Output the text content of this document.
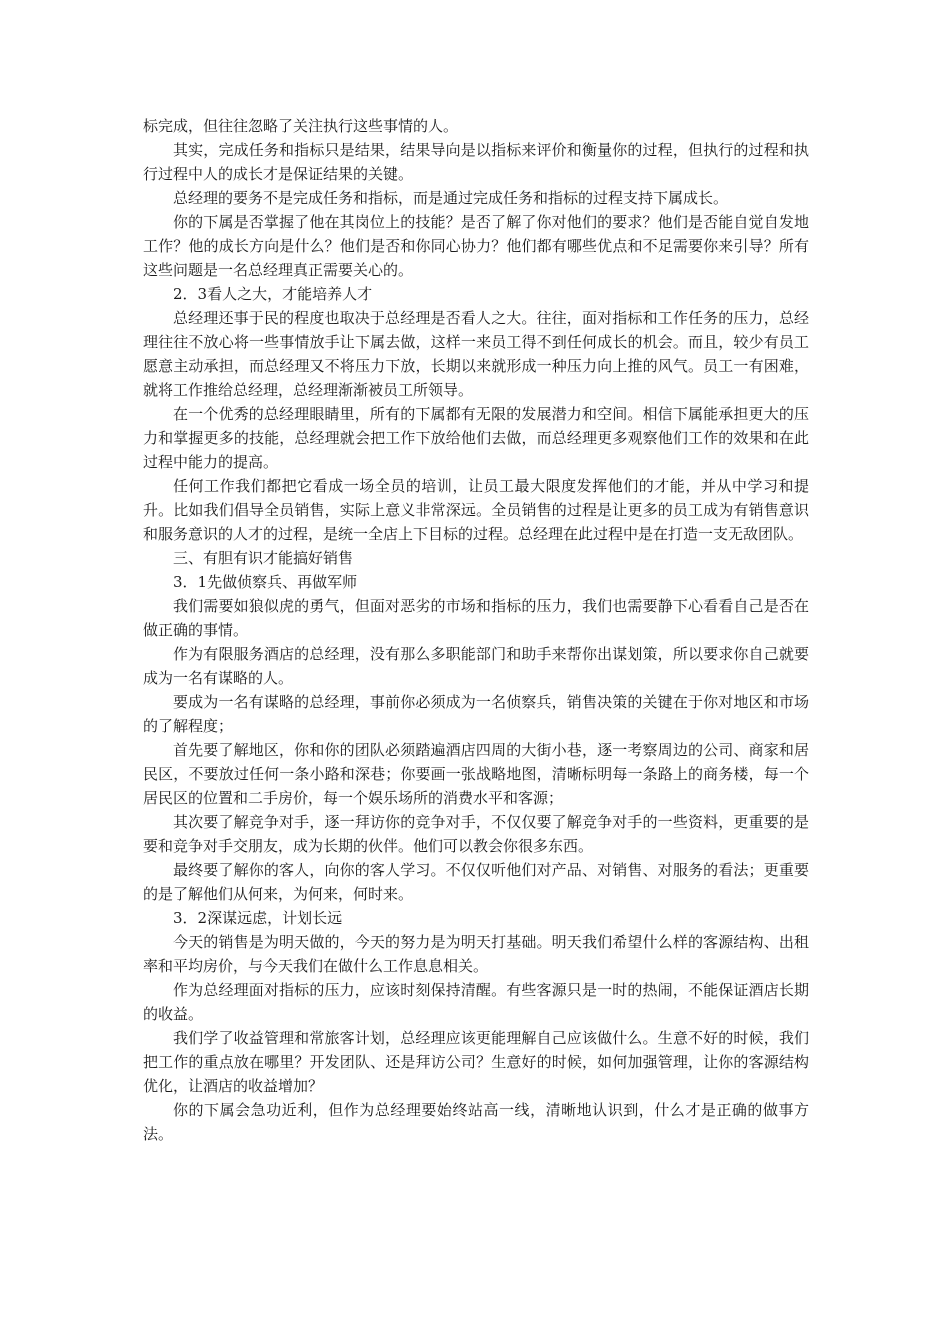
标完成，但往往忽略了关注执行这些事情的人。

其实，完成任务和指标只是结果，结果导向是以指标来评价和衡量你的过程，但执行的过程和执行过程中人的成长才是保证结果的关键。

总经理的要务不是完成任务和指标，而是通过完成任务和指标的过程支持下属成长。

你的下属是否掌握了他在其岗位上的技能？是否了解了你对他们的要求？他们是否能自觉自发地工作？他的成长方向是什么？他们是否和你同心协力？他们都有哪些优点和不足需要你来引导？所有这些问题是一名总经理真正需要关心的。

2．3看人之大，才能培养人才

总经理还事于民的程度也取决于总经理是否看人之大。往往，面对指标和工作任务的压力，总经理往往不放心将一些事情放手让下属去做，这样一来员工得不到任何成长的机会。而且，较少有员工愿意主动承担，而总经理又不将压力下放，长期以来就形成一种压力向上推的风气。员工一有困难，就将工作推给总经理，总经理渐渐被员工所领导。

在一个优秀的总经理眼睛里，所有的下属都有无限的发展潜力和空间。相信下属能承担更大的压力和掌握更多的技能，总经理就会把工作下放给他们去做，而总经理更多观察他们工作的效果和在此过程中能力的提高。

任何工作我们都把它看成一场全员的培训，让员工最大限度发挥他们的才能，并从中学习和提升。比如我们倡导全员销售，实际上意义非常深远。全员销售的过程是让更多的员工成为有销售意识和服务意识的人才的过程，是统一全店上下目标的过程。总经理在此过程中是在打造一支无敌团队。

三、有胆有识才能搞好销售

3．1先做侦察兵、再做军师

我们需要如狼似虎的勇气，但面对恶劣的市场和指标的压力，我们也需要静下心看看自己是否在做正确的事情。

作为有限服务酒店的总经理，没有那么多职能部门和助手来帮你出谋划策，所以要求你自己就要成为一名有谋略的人。

要成为一名有谋略的总经理，事前你必须成为一名侦察兵，销售决策的关键在于你对地区和市场的了解程度；

首先要了解地区，你和你的团队必须踏遍酒店四周的大街小巷，逐一考察周边的公司、商家和居民区，不要放过任何一条小路和深巷；你要画一张战略地图，清晰标明每一条路上的商务楼，每一个居民区的位置和二手房价，每一个娱乐场所的消费水平和客源；

其次要了解竞争对手，逐一拜访你的竞争对手，不仅仅要了解竞争对手的一些资料，更重要的是要和竞争对手交朋友，成为长期的伙伴。他们可以教会你很多东西。

最终要了解你的客人，向你的客人学习。不仅仅听他们对产品、对销售、对服务的看法；更重要的是了解他们从何来，为何来，何时来。

3．2深谋远虑，计划长远

今天的销售是为明天做的，今天的努力是为明天打基础。明天我们希望什么样的客源结构、出租率和平均房价，与今天我们在做什么工作息息相关。

作为总经理面对指标的压力，应该时刻保持清醒。有些客源只是一时的热闹，不能保证酒店长期的收益。

我们学了收益管理和常旅客计划，总经理应该更能理解自己应该做什么。生意不好的时候，我们把工作的重点放在哪里？开发团队、还是拜访公司？生意好的时候，如何加强管理，让你的客源结构优化，让酒店的收益增加？

你的下属会急功近利，但作为总经理要始终站高一线，清晰地认识到，什么才是正确的做事方法。
